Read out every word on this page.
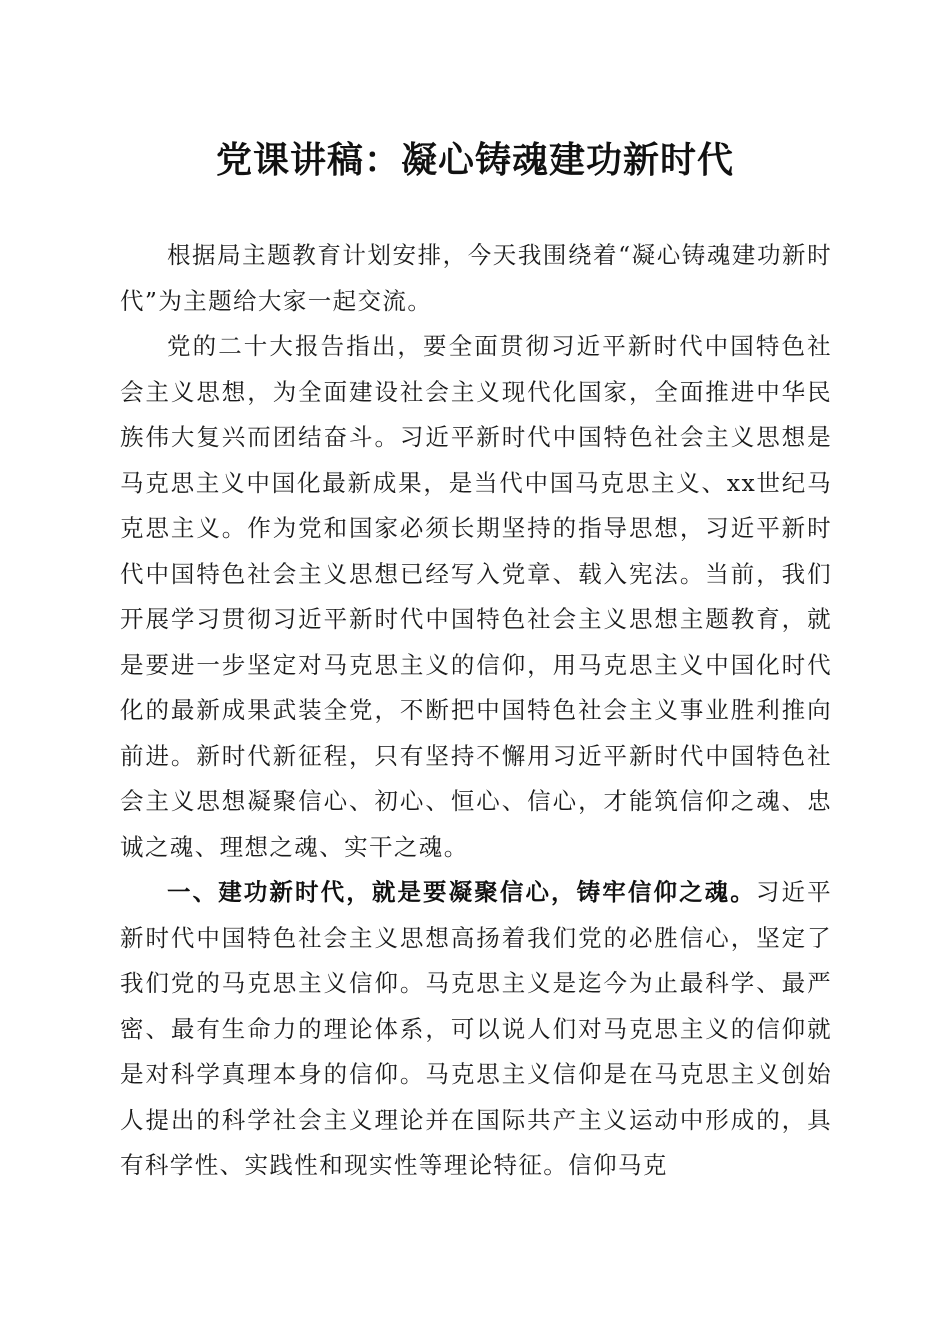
党课讲稿：凝心铸魂建功新时代

根据局主题教育计划安排，今天我围绕着“凝心铸魂建功新时代”为主题给大家一起交流。

党的二十大报告指出，要全面贯彻习近平新时代中国特色社会主义思想，为全面建设社会主义现代化国家，全面推进中华民族伟大复兴而团结奋斗。习近平新时代中国特色社会主义思想是马克思主义中国化最新成果，是当代中国马克思主义、xx世纪马克思主义。作为党和国家必须长期坚持的指导思想，习近平新时代中国特色社会主义思想已经写入党章、载入宪法。当前，我们开展学习贯彻习近平新时代中国特色社会主义思想主题教育，就是要进一步坚定对马克思主义的信仰，用马克思主义中国化时代化的最新成果武装全党，不断把中国特色社会主义事业胜利推向前进。新时代新征程，只有坚持不懈用习近平新时代中国特色社会主义思想凝聚信心、初心、恒心、信心，才能筑信仰之魂、忠诚之魂、理想之魂、实干之魂。

一、建功新时代，就是要凝聚信心，铸牢信仰之魂。习近平新时代中国特色社会主义思想高扬着我们党的必胜信心，坚定了我们党的马克思主义信仰。马克思主义是迄今为止最科学、最严密、最有生命力的理论体系，可以说人们对马克思主义的信仰就是对科学真理本身的信仰。马克思主义信仰是在马克思主义创始人提出的科学社会主义理论并在国际共产主义运动中形成的，具有科学性、实践性和现实性等理论特征。信仰马克
